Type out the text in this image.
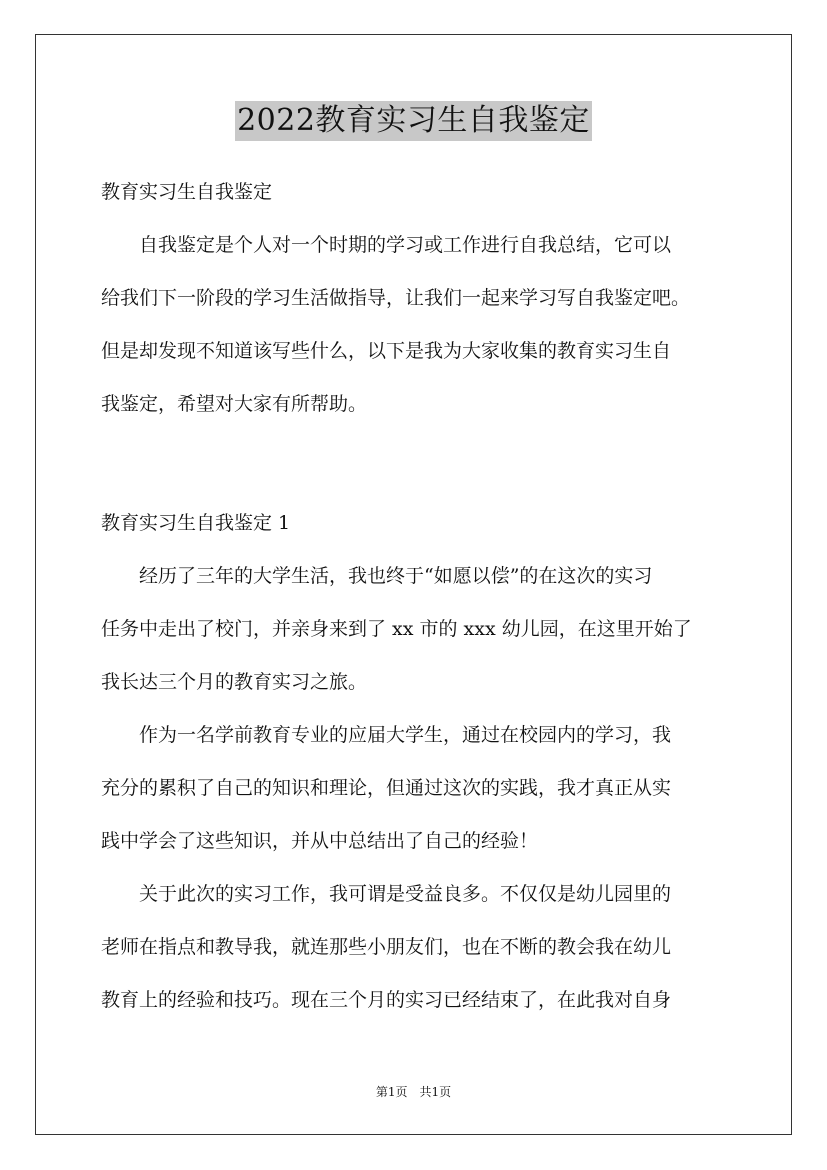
2022教育实习生自我鉴定
教育实习生自我鉴定
自我鉴定是个人对一个时期的学习或工作进行自我总结，它可以
给我们下一阶段的学习生活做指导，让我们一起来学习写自我鉴定吧。
但是却发现不知道该写些什么，以下是我为大家收集的教育实习生自
我鉴定，希望对大家有所帮助。
教育实习生自我鉴定 1
经历了三年的大学生活，我也终于“如愿以偿”的在这次的实习
任务中走出了校门，并亲身来到了 xx 市的 xxx 幼儿园，在这里开始了
我长达三个月的教育实习之旅。
作为一名学前教育专业的应届大学生，通过在校园内的学习，我
充分的累积了自己的知识和理论，但通过这次的实践，我才真正从实
践中学会了这些知识，并从中总结出了自己的经验！
关于此次的实习工作，我可谓是受益良多。不仅仅是幼儿园里的
老师在指点和教导我，就连那些小朋友们，也在不断的教会我在幼儿
教育上的经验和技巧。现在三个月的实习已经结束了，在此我对自身
第1页　共1页
